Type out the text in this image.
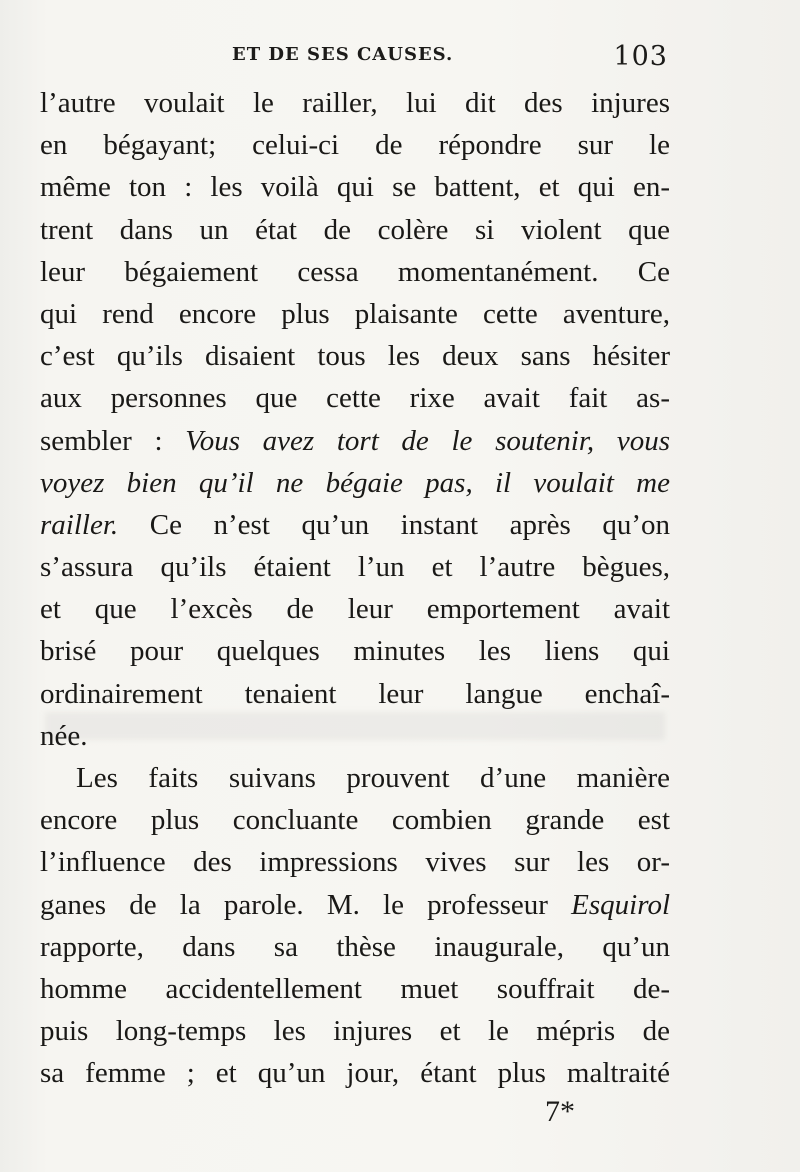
ET DE SES CAUSES.	103
l’autre voulait le railler, lui dit des injures
en bégayant; celui-ci de répondre sur le
même ton : les voilà qui se battent, et qui en-
trent dans un état de colère si violent que
leur bégaiement cessa momentanément. Ce
qui rend encore plus plaisante cette aventure,
c’est qu’ils disaient tous les deux sans hésiter
aux personnes que cette rixe avait fait as-
sembler : Vous avez tort de le soutenir, vous
voyez bien qu’il ne bégaie pas, il voulait me
railler. Ce n’est qu’un instant après qu’on
s’assura qu’ils étaient l’un et l’autre bègues,
et que l’excès de leur emportement avait
brisé pour quelques minutes les liens qui
ordinairement tenaient leur langue enchaî-
née.
Les faits suivans prouvent d’une manière
encore plus concluante combien grande est
l’influence des impressions vives sur les or-
ganes de la parole. M. le professeur Esquirol
rapporte, dans sa thèse inaugurale, qu’un
homme accidentellement muet souffrait de-
puis long-temps les injures et le mépris de
sa femme ; et qu’un jour, étant plus maltraité
7*
